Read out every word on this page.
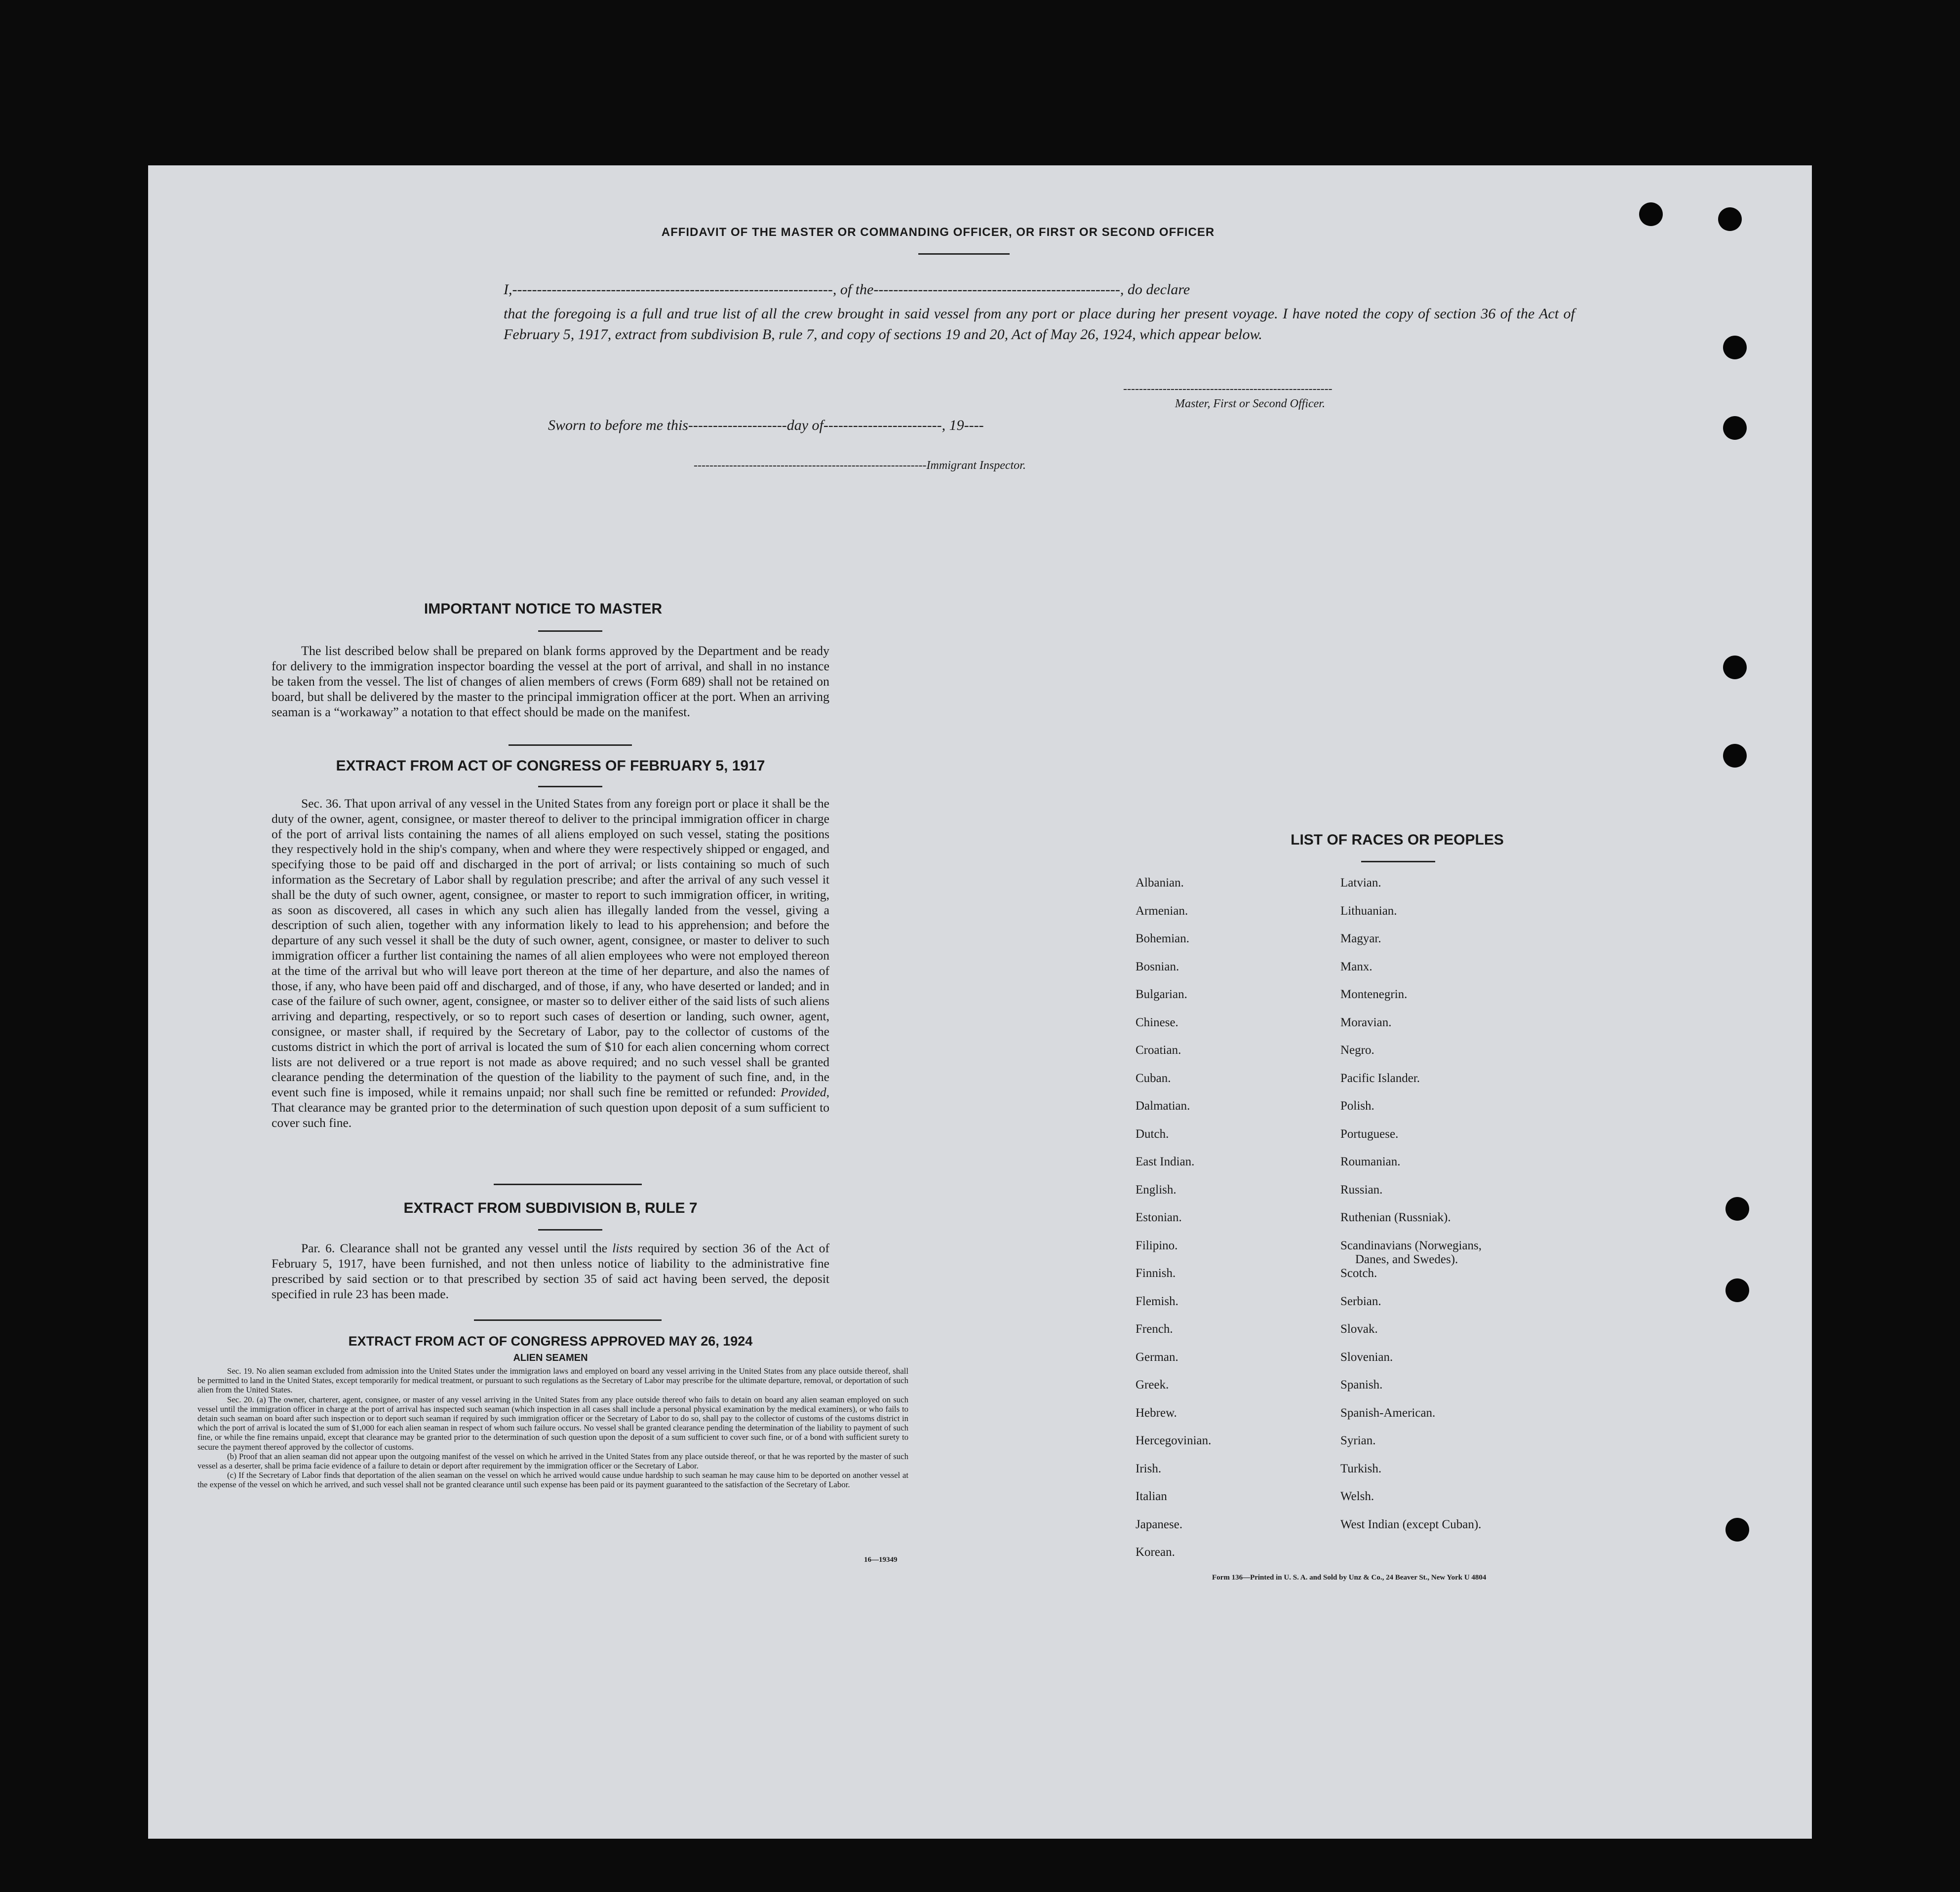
AFFIDAVIT OF THE MASTER OR COMMANDING OFFICER, OR FIRST OR SECOND OFFICER
I,-----------------------------------------------------------------, of the--------------------------------------------------, do declare
that the foregoing is a full and true list of all the crew brought in said vessel from any port or place during her present voyage. I have noted the copy of section 36 of the Act of February 5, 1917, extract from subdivision B, rule 7, and copy of sections 19 and 20, Act of May 26, 1924, which appear below.
-----------------------------------------------------
Master, First or Second Officer.
Sworn to before me this--------------------day of------------------------, 19----
-----------------------------------------------------------Immigrant Inspector.
IMPORTANT NOTICE TO MASTER
The list described below shall be prepared on blank forms approved by the Department and be ready for delivery to the immigration inspector boarding the vessel at the port of arrival, and shall in no instance be taken from the vessel. The list of changes of alien members of crews (Form 689) shall not be retained on board, but shall be delivered by the master to the principal immigration officer at the port. When an arriving seaman is a “workaway” a notation to that effect should be made on the manifest.
EXTRACT FROM ACT OF CONGRESS OF FEBRUARY 5, 1917
Sec. 36. That upon arrival of any vessel in the United States from any foreign port or place it shall be the duty of the owner, agent, consignee, or master thereof to deliver to the principal immigration officer in charge of the port of arrival lists containing the names of all aliens employed on such vessel, stating the positions they respectively hold in the ship's company, when and where they were respectively shipped or engaged, and specifying those to be paid off and discharged in the port of arrival; or lists containing so much of such information as the Secretary of Labor shall by regulation prescribe; and after the arrival of any such vessel it shall be the duty of such owner, agent, consignee, or master to report to such immigration officer, in writing, as soon as discovered, all cases in which any such alien has illegally landed from the vessel, giving a description of such alien, together with any information likely to lead to his apprehension; and before the departure of any such vessel it shall be the duty of such owner, agent, consignee, or master to deliver to such immigration officer a further list containing the names of all alien employees who were not employed thereon at the time of the arrival but who will leave port thereon at the time of her departure, and also the names of those, if any, who have been paid off and discharged, and of those, if any, who have deserted or landed; and in case of the failure of such owner, agent, consignee, or master so to deliver either of the said lists of such aliens arriving and departing, respectively, or so to report such cases of desertion or landing, such owner, agent, consignee, or master shall, if required by the Secretary of Labor, pay to the collector of customs of the customs district in which the port of arrival is located the sum of $10 for each alien concerning whom correct lists are not delivered or a true report is not made as above required; and no such vessel shall be granted clearance pending the determination of the question of the liability to the payment of such fine, and, in the event such fine is imposed, while it remains unpaid; nor shall such fine be remitted or refunded: Provided, That clearance may be granted prior to the determination of such question upon deposit of a sum sufficient to cover such fine.
EXTRACT FROM SUBDIVISION B, RULE 7
Par. 6. Clearance shall not be granted any vessel until the lists required by section 36 of the Act of February 5, 1917, have been furnished, and not then unless notice of liability to the administrative fine prescribed by said section or to that prescribed by section 35 of said act having been served, the deposit specified in rule 23 has been made.
EXTRACT FROM ACT OF CONGRESS APPROVED MAY 26, 1924
ALIEN SEAMEN
Sec. 19. No alien seaman excluded from admission into the United States under the immigration laws and employed on board any vessel arriving in the United States from any place outside thereof, shall be permitted to land in the United States, except temporarily for medical treatment, or pursuant to such regulations as the Secretary of Labor may prescribe for the ultimate departure, removal, or deportation of such alien from the United States.
Sec. 20. (a) The owner, charterer, agent, consignee, or master of any vessel arriving in the United States from any place outside thereof who fails to detain on board any alien seaman employed on such vessel until the immigration officer in charge at the port of arrival has inspected such seaman (which inspection in all cases shall include a personal physical examination by the medical examiners), or who fails to detain such seaman on board after such inspection or to deport such seaman if required by such immigration officer or the Secretary of Labor to do so, shall pay to the collector of customs of the customs district in which the port of arrival is located the sum of $1,000 for each alien seaman in respect of whom such failure occurs. No vessel shall be granted clearance pending the determination of the liability to payment of such fine, or while the fine remains unpaid, except that clearance may be granted prior to the determination of such question upon the deposit of a sum sufficient to cover such fine, or of a bond with sufficient surety to secure the payment thereof approved by the collector of customs.
(b) Proof that an alien seaman did not appear upon the outgoing manifest of the vessel on which he arrived in the United States from any place outside thereof, or that he was reported by the master of such vessel as a deserter, shall be prima facie evidence of a failure to detain or deport after requirement by the immigration officer or the Secretary of Labor.
(c) If the Secretary of Labor finds that deportation of the alien seaman on the vessel on which he arrived would cause undue hardship to such seaman he may cause him to be deported on another vessel at the expense of the vessel on which he arrived, and such vessel shall not be granted clearance until such expense has been paid or its payment guaranteed to the satisfaction of the Secretary of Labor.
16—19349
LIST OF RACES OR PEOPLES
Albanian.
Armenian.
Bohemian.
Bosnian.
Bulgarian.
Chinese.
Croatian.
Cuban.
Dalmatian.
Dutch.
East Indian.
English.
Estonian.
Filipino.
Finnish.
Flemish.
French.
German.
Greek.
Hebrew.
Hercegovinian.
Irish.
Italian
Japanese.
Korean.
Latvian.
Lithuanian.
Magyar.
Manx.
Montenegrin.
Moravian.
Negro.
Pacific Islander.
Polish.
Portuguese.
Roumanian.
Russian.
Ruthenian (Russniak).
Scandinavians (Norwegians,
Danes, and Swedes).
Scotch.
Serbian.
Slovak.
Slovenian.
Spanish.
Spanish-American.
Syrian.
Turkish.
Welsh.
West Indian (except Cuban).
Form 136—Printed in U. S. A. and Sold by Unz & Co., 24 Beaver St., New York U 4804
